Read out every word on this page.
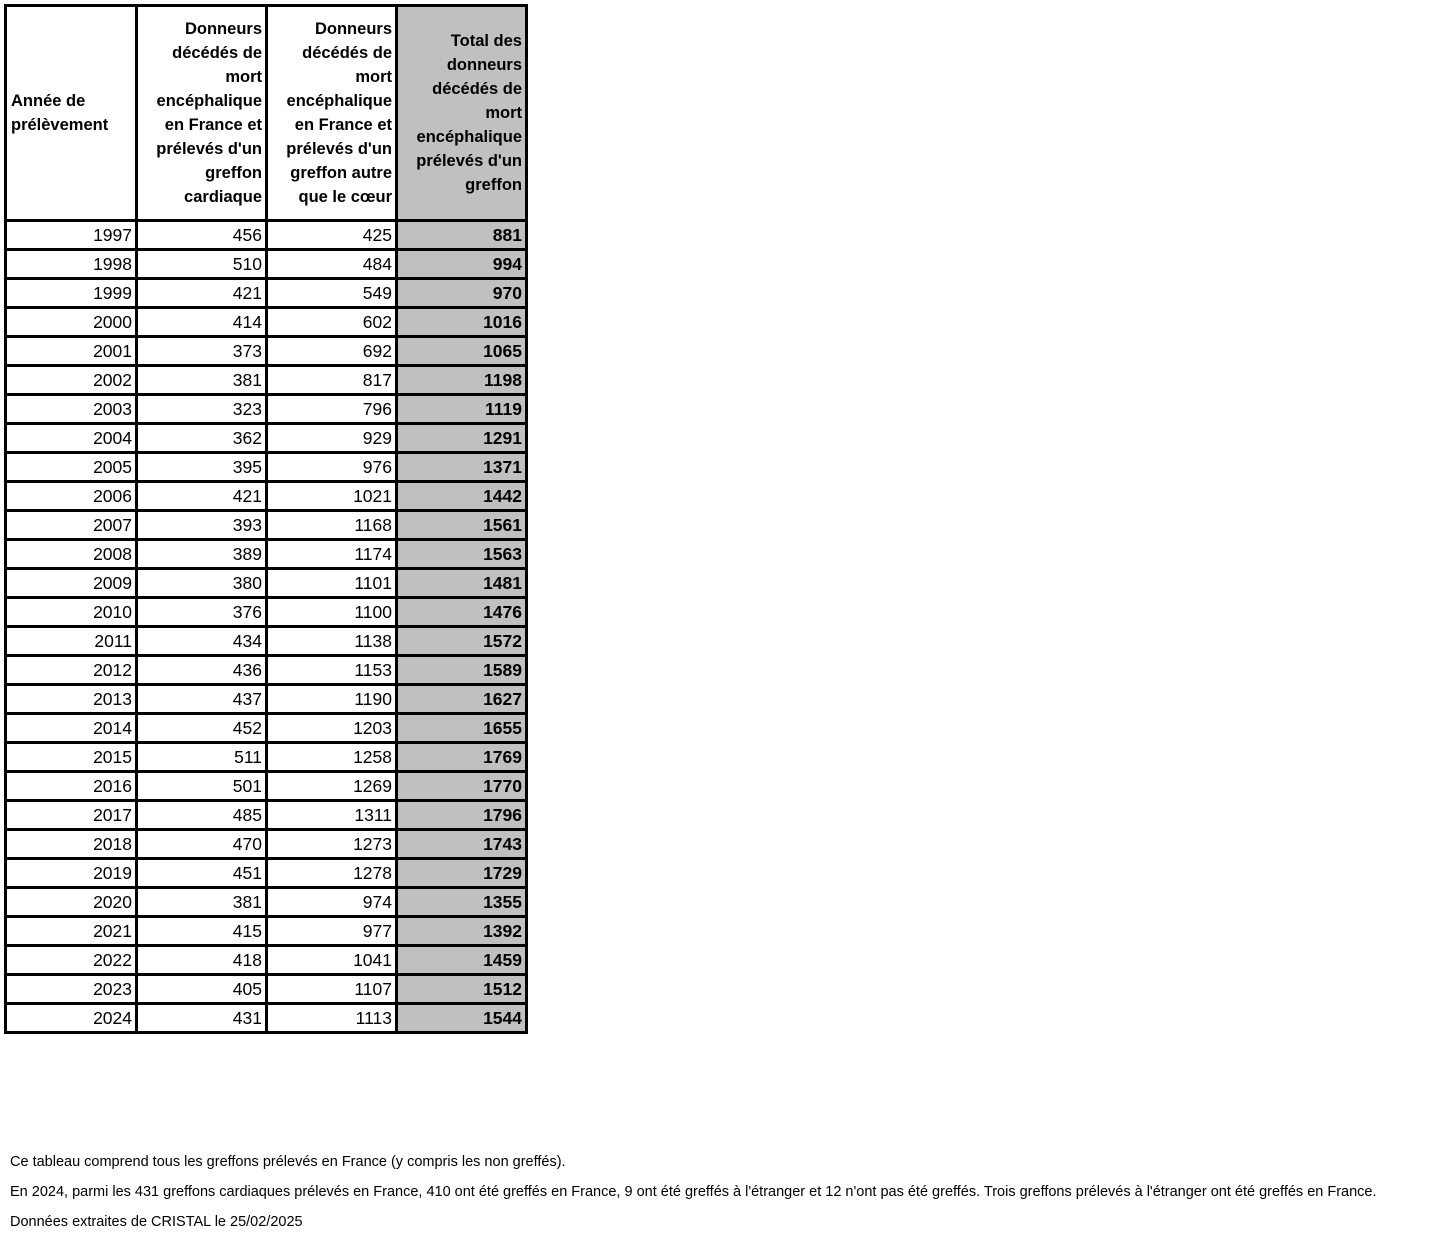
Année de prélèvement	Donneurs décédés de mort encéphalique en France et prélevés d'un greffon cardiaque	Donneurs décédés de mort encéphalique en France et prélevés d'un greffon autre que le cœur	Total des donneurs décédés de mort encéphalique prélevés d'un greffon
1997	456	425	881
1998	510	484	994
1999	421	549	970
2000	414	602	1016
2001	373	692	1065
2002	381	817	1198
2003	323	796	1119
2004	362	929	1291
2005	395	976	1371
2006	421	1021	1442
2007	393	1168	1561
2008	389	1174	1563
2009	380	1101	1481
2010	376	1100	1476
2011	434	1138	1572
2012	436	1153	1589
2013	437	1190	1627
2014	452	1203	1655
2015	511	1258	1769
2016	501	1269	1770
2017	485	1311	1796
2018	470	1273	1743
2019	451	1278	1729
2020	381	974	1355
2021	415	977	1392
2022	418	1041	1459
2023	405	1107	1512
2024	431	1113	1544

Ce tableau comprend tous les greffons prélevés en France (y compris les non greffés).

En 2024, parmi les 431 greffons cardiaques prélevés en France, 410 ont été greffés en France, 9 ont été greffés à l'étranger et 12 n'ont pas été greffés. Trois greffons prélevés à l'étranger ont été greffés en France.

Données extraites de CRISTAL le 25/02/2025
